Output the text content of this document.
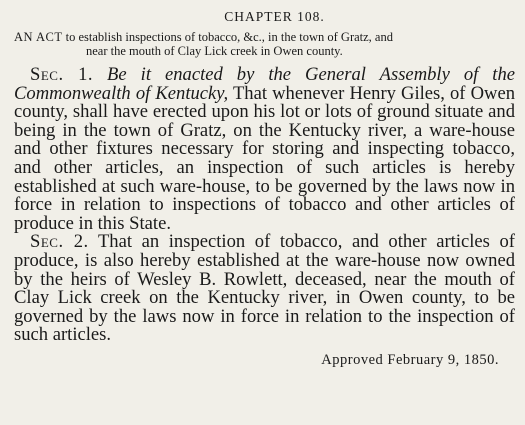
CHAPTER 108.
AN ACT to establish inspections of tobacco, &c., in the town of Gratz, and
near the mouth of Clay Lick creek in Owen county.

Sec. 1. Be it enacted by the General Assembly of the Commonwealth of Kentucky, That whenever Henry Giles, of Owen county, shall have erected upon his lot or lots of ground situate and being in the town of Gratz, on the Kentucky river, a ware-house and other fixtures necessary for storing and inspecting tobacco, and other articles, an inspection of such articles is hereby established at such ware-house, to be governed by the laws now in force in relation to inspections of tobacco and other articles of produce in this State.

Sec. 2. That an inspection of tobacco, and other articles of produce, is also hereby established at the ware-house now owned by the heirs of Wesley B. Rowlett, deceased, near the mouth of Clay Lick creek on the Kentucky river, in Owen county, to be governed by the laws now in force in relation to the inspection of such articles.

Approved February 9, 1850.
